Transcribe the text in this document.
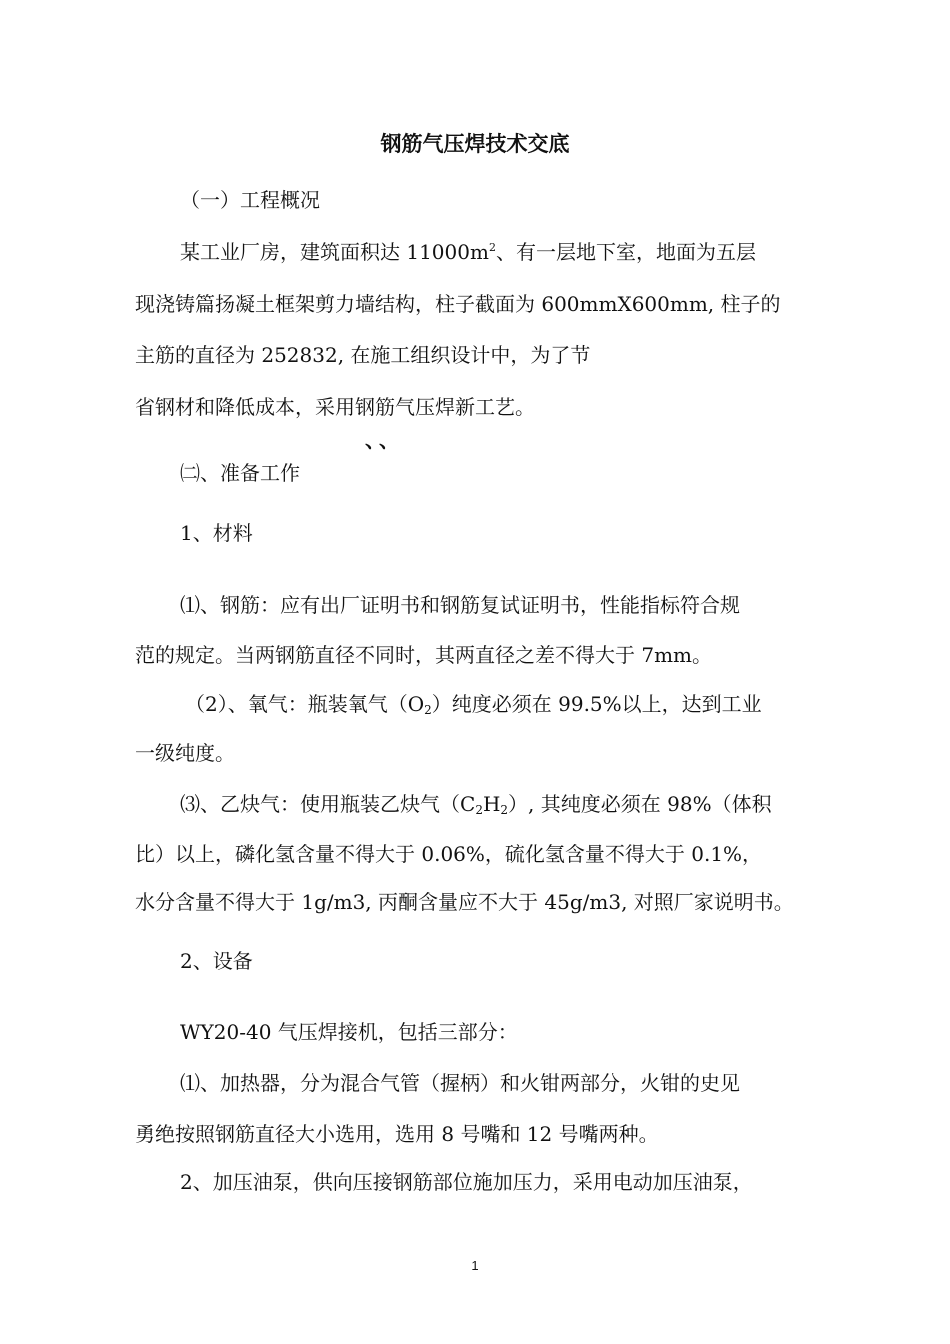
钢筋气压焊技术交底
（一）工程概况
某工业厂房，建筑面积达 $11000m^2$、有一层地下室，地面为五层
现浇铸篇扬凝土框架剪力墙结构，柱子截面为 600mmX600mm, 柱子的
主筋的直径为 252832, 在施工组织设计中，为了节
省钢材和降低成本，采用钢筋气压焊新工艺。
、、
㈡、准备工作
1、材料
⑴、钢筋：应有出厂证明书和钢筋复试证明书，性能指标符合规
范的规定。当两钢筋直径不同时，其两直径之差不得大于 7mm。
（2）、氧气：瓶装氧气$(O_2)$纯度必须在 99.5%以上，达到工业
一级纯度。
⑶、乙炔气：使用瓶装乙炔气$(C_2H_2)$, 其纯度必须在 98%（体积
比）以上，磷化氢含量不得大于 0.06%，硫化氢含量不得大于 0.1%，
水分含量不得大于 1g/m3, 丙酮含量应不大于 45g/m3, 对照厂家说明书。
2、设备
WY20-40 气压焊接机，包括三部分：
⑴、加热器，分为混合气管（握柄）和火钳两部分，火钳的史见
勇绝按照钢筋直径大小选用，选用 8 号嘴和 12 号嘴两种。
2、加压油泵，供向压接钢筋部位施加压力，采用电动加压油泵，
1
